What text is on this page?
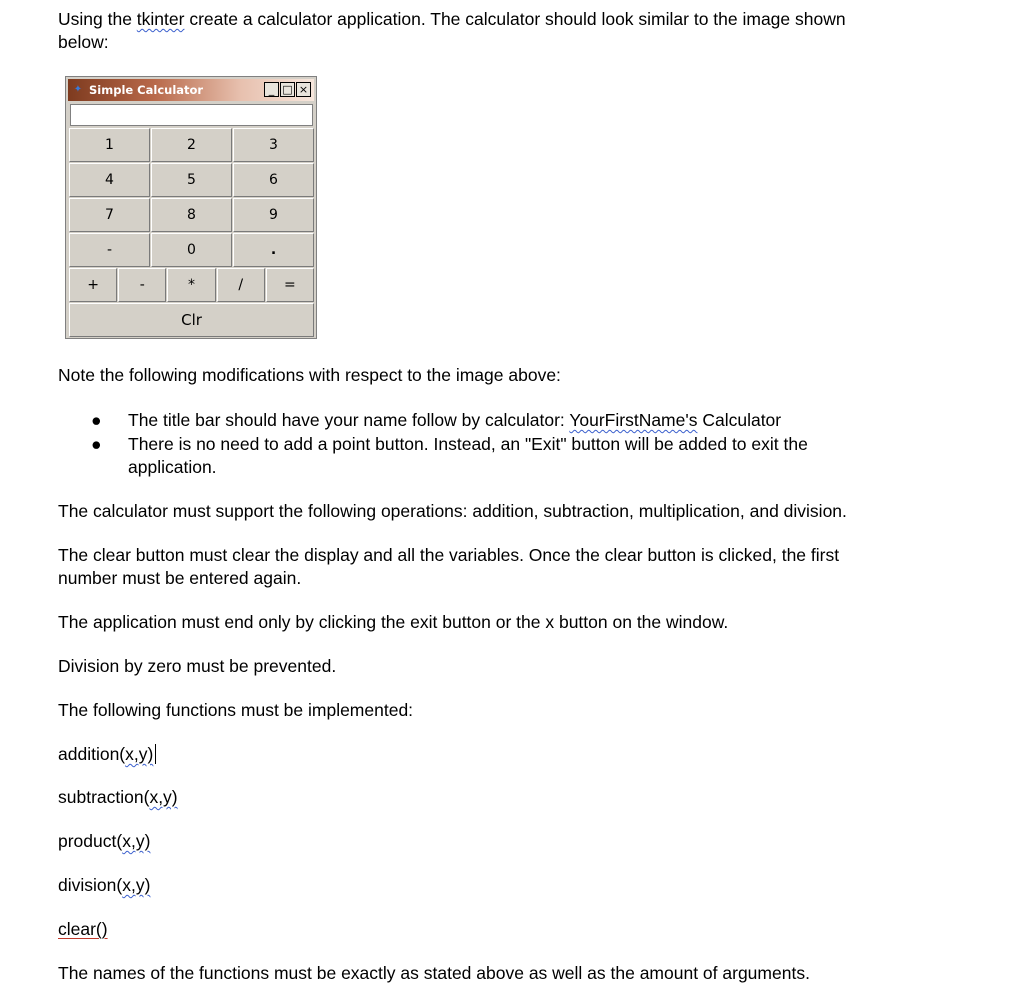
Using the tkinter create a calculator application. The calculator should look similar to the image shown

below:

✦ Simple Calculator	_ □ ×
1	2	3
4	5	6
7	8	9
-	0	.
+	-	*	/	=
Clr

Note the following modifications with respect to the image above:

● The title bar should have your name follow by calculator: YourFirstName's Calculator

● There is no need to add a point button. Instead, an "Exit" button will be added to exit the

application.

The calculator must support the following operations: addition, subtraction, multiplication, and division.

The clear button must clear the display and all the variables. Once the clear button is clicked, the first

number must be entered again.

The application must end only by clicking the exit button or the x button on the window.

Division by zero must be prevented.

The following functions must be implemented:

addition(x,y)

subtraction(x,y)

product(x,y)

division(x,y)

clear()

The names of the functions must be exactly as stated above as well as the amount of arguments.
